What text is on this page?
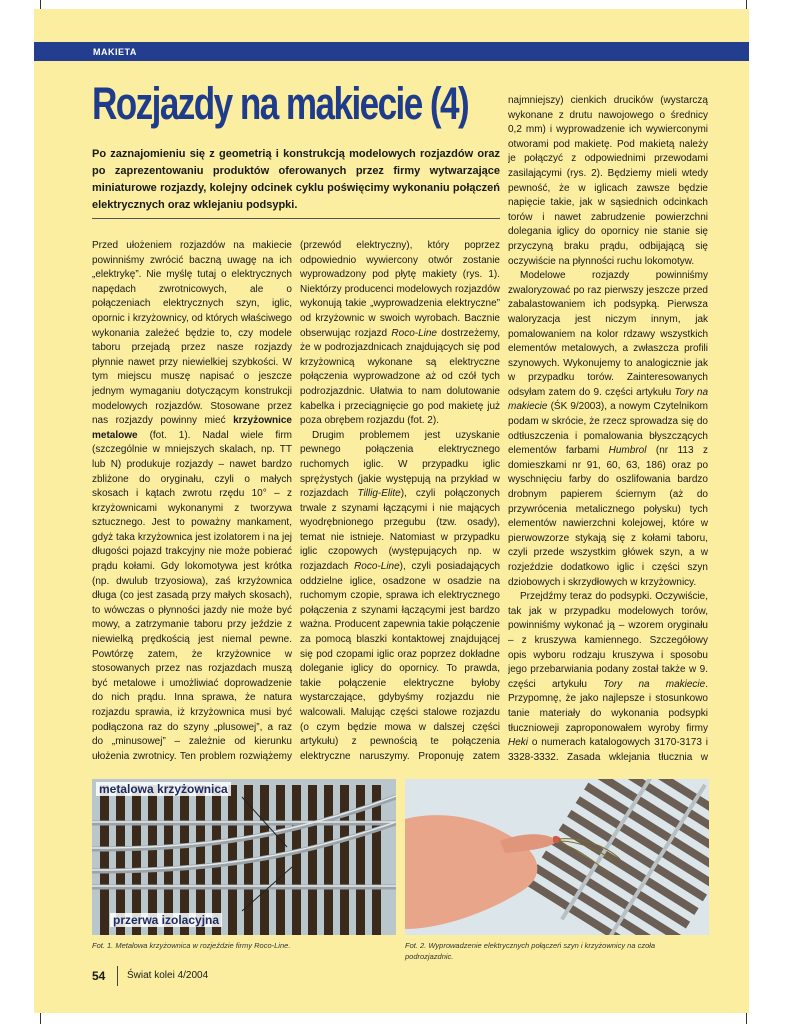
MAKIETA
Rozjazdy na makiecie (4)

Po zaznajomieniu się z geometrią i konstrukcją modelowych rozjazdów oraz po zaprezentowaniu produktów oferowanych przez firmy wytwarzające miniaturowe rozjazdy, kolejny odcinek cyklu poświęcimy wykonaniu połączeń elektrycznych oraz wklejaniu podsypki.

Przed ułożeniem rozjazdów na makiecie powinniśmy zwrócić baczną uwagę na ich „elektrykę”. Nie myślę tutaj o elektrycznych napędach zwrotnicowych, ale o połączeniach elektrycznych szyn, iglic, opornic i krzyżownicy, od których właściwego wykonania zależeć będzie to, czy modele taboru przejadą przez nasze rozjazdy płynnie nawet przy niewielkiej szybkości. W tym miejscu muszę napisać o jeszcze jednym wymaganiu dotyczącym konstrukcji modelowych rozjazdów. Stosowane przez nas rozjazdy powinny mieć krzyżownice metalowe (fot. 1). Nadal wiele firm (szczególnie w mniejszych skalach, np. TT lub N) produkuje rozjazdy – nawet bardzo zbliżone do oryginału, czyli o małych skosach i kątach zwrotu rzędu 10° – z krzyżownicami wykonanymi z tworzywa sztucznego. Jest to poważny mankament, gdyż taka krzyżownica jest izolatorem i na jej długości pojazd trakcyjny nie może pobierać prądu kołami. Gdy lokomotywa jest krótka (np. dwulub trzyosiowa), zaś krzyżownica długa (co jest zasadą przy małych skosach), to wówczas o płynności jazdy nie może być mowy, a zatrzymanie taboru przy jeździe z niewielką prędkością jest niemal pewne. Powtórzę zatem, że krzyżownice w stosowanych przez nas rozjazdach muszą być metalowe i umożliwiać doprowadzenie do nich prądu. Inna sprawa, że natura rozjazdu sprawia, iż krzyżownica musi być podłączona raz do szyny „plusowej”, a raz do „minusowej” – zależnie od kierunku ułożenia zwrotnicy. Ten problem rozwiążemy

(przewód elektryczny), który poprzez odpowiednio wywiercony otwór zostanie wyprowadzony pod płytę makiety (rys. 1). Niektórzy producenci modelowych rozjazdów wykonują takie „wyprowadzenia elektryczne” od krzyżownic w swoich wyrobach. Bacznie obserwując rozjazd Roco-Line dostrzeżemy, że w podrozjazdnicach znajdujących się pod krzyżownicą wykonane są elektryczne połączenia wyprowadzone aż od czół tych podrozjazdnic. Ułatwia to nam dolutowanie kabelka i przeciągnięcie go pod makietę już poza obrębem rozjazdu (fot. 2).

Drugim problemem jest uzyskanie pewnego połączenia elektrycznego ruchomych iglic. W przypadku iglic sprężystych (jakie występują na przykład w rozjazdach Tillig-Elite), czyli połączonych trwale z szynami łączącymi i nie mających wyodrębnionego przegubu (tzw. osady), temat nie istnieje. Natomiast w przypadku iglic czopowych (występujących np. w rozjazdach Roco-Line), czyli posiadających oddzielne iglice, osadzone w osadzie na ruchomym czopie, sprawa ich elektrycznego połączenia z szynami łączącymi jest bardzo ważna. Producent zapewnia takie połączenie za pomocą blaszki kontaktowej znajdującej się pod czopami iglic oraz poprzez dokładne doleganie iglicy do opornicy. To prawda, takie połączenie elektryczne byłoby wystarczające, gdybyśmy rozjazdu nie walcowali. Malując części stalowe rozjazdu (o czym będzie mowa w dalszej części artykułu) z pewnością te połączenia elektryczne naruszymy. Proponuję zatem

najmniejszy) cienkich drucików (wystarczą wykonane z drutu nawojowego o średnicy 0,2 mm) i wyprowadzenie ich wywierconymi otworami pod makietę. Pod makietą należy je połączyć z odpowiednimi przewodami zasilającymi (rys. 2). Będziemy mieli wtedy pewność, że w iglicach zawsze będzie napięcie takie, jak w sąsiednich odcinkach torów i nawet zabrudzenie powierzchni dolegania iglicy do opornicy nie stanie się przyczyną braku prądu, odbijającą się oczywiście na płynności ruchu lokomotyw.

Modelowe rozjazdy powinniśmy zwaloryzować po raz pierwszy jeszcze przed zabalastowaniem ich podsypką. Pierwsza waloryzacja jest niczym innym, jak pomalowaniem na kolor rdzawy wszystkich elementów metalowych, a zwłaszcza profili szynowych. Wykonujemy to analogicznie jak w przypadku torów. Zainteresowanych odsyłam zatem do 9. części artykułu Tory na makiecie (ŚK 9/2003), a nowym Czytelnikom podam w skrócie, że rzecz sprowadza się do odtłuszczenia i pomalowania błyszczących elementów farbami Humbrol (nr 113 z domieszkami nr 91, 60, 63, 186) oraz po wyschnięciu farby do oszlifowania bardzo drobnym papierem ściernym (aż do przywrócenia metalicznego połysku) tych elementów nawierzchni kolejowej, które w pierwowzorze stykają się z kołami taboru, czyli przede wszystkim główek szyn, a w rozjeździe dodatkowo iglic i części szyn dziobowych i skrzydłowych w krzyżownicy.

Przejdźmy teraz do podsypki. Oczywiście, tak jak w przypadku modelowych torów, powinniśmy wykonać ją – wzorem oryginału – z kruszywa kamiennego. Szczegółowy opis wyboru rodzaju kruszywa i sposobu jego przebarwiania podany został także w 9. części artykułu Tory na makiecie. Przypomnę, że jako najlepsze i stosunkowo tanie materiały do wykonania podsypki tłucznioweji zaproponowałem wyroby firmy Heki o numerach katalogowych 3170-3173 i 3328-3332. Zasada wklejania tłucznia w

metalowa krzyżownica
przerwa izolacyjna

Fot. 1. Metalowa krzyżownica w rozjeździe firmy Roco-Line.	Fot. 2. Wyprowadzenie elektrycznych połączeń szyn i krzyżownicy na czoła podrozjazdnic.

54 Świat kolei 4/2004
